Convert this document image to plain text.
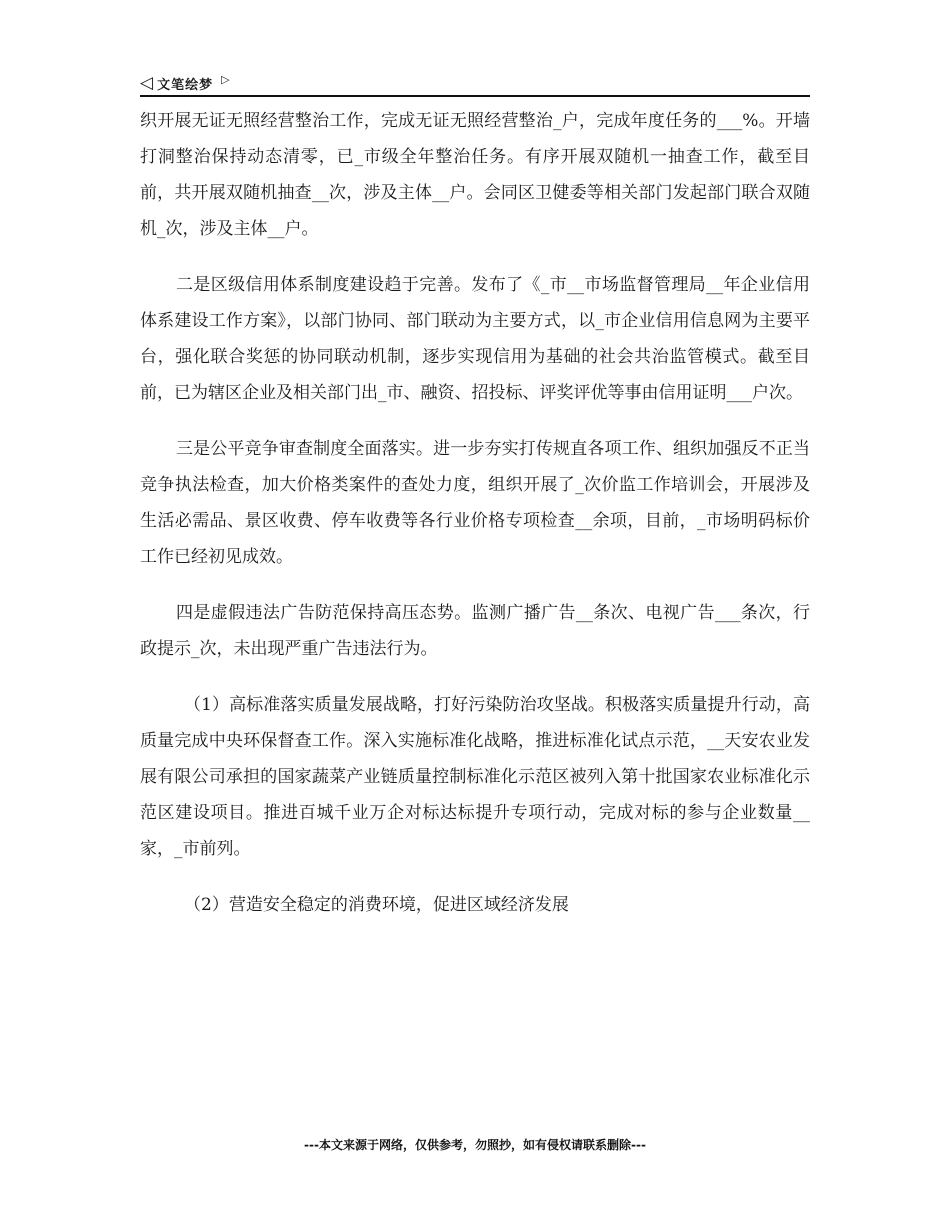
◁ 文笔绘梦 ▷

织开展无证无照经营整治工作，完成无证无照经营整治_户，完成年度任务的___%。开墙打洞整治保持动态清零，已_市级全年整治任务。有序开展双随机一抽查工作，截至目前，共开展双随机抽查__次，涉及主体__户。会同区卫健委等相关部门发起部门联合双随机_次，涉及主体__户。

二是区级信用体系制度建设趋于完善。发布了《_市__市场监督管理局__年企业信用体系建设工作方案》，以部门协同、部门联动为主要方式，以_市企业信用信息网为主要平台，强化联合奖惩的协同联动机制，逐步实现信用为基础的社会共治监管模式。截至目前，已为辖区企业及相关部门出_市、融资、招投标、评奖评优等事由信用证明___户次。

三是公平竞争审查制度全面落实。进一步夯实打传规直各项工作、组织加强反不正当竞争执法检查，加大价格类案件的查处力度，组织开展了_次价监工作培训会，开展涉及生活必需品、景区收费、停车收费等各行业价格专项检查__余项，目前，_市场明码标价工作已经初见成效。

四是虚假违法广告防范保持高压态势。监测广播广告__条次、电视广告___条次，行政提示_次，未出现严重广告违法行为。

（1）高标准落实质量发展战略，打好污染防治攻坚战。积极落实质量提升行动，高质量完成中央环保督查工作。深入实施标准化战略，推进标准化试点示范，__天安农业发展有限公司承担的国家蔬菜产业链质量控制标准化示范区被列入第十批国家农业标准化示范区建设项目。推进百城千业万企对标达标提升专项行动，完成对标的参与企业数量__家，_市前列。

（2）营造安全稳定的消费环境，促进区域经济发展

---本文来源于网络，仅供参考，勿照抄，如有侵权请联系删除---
